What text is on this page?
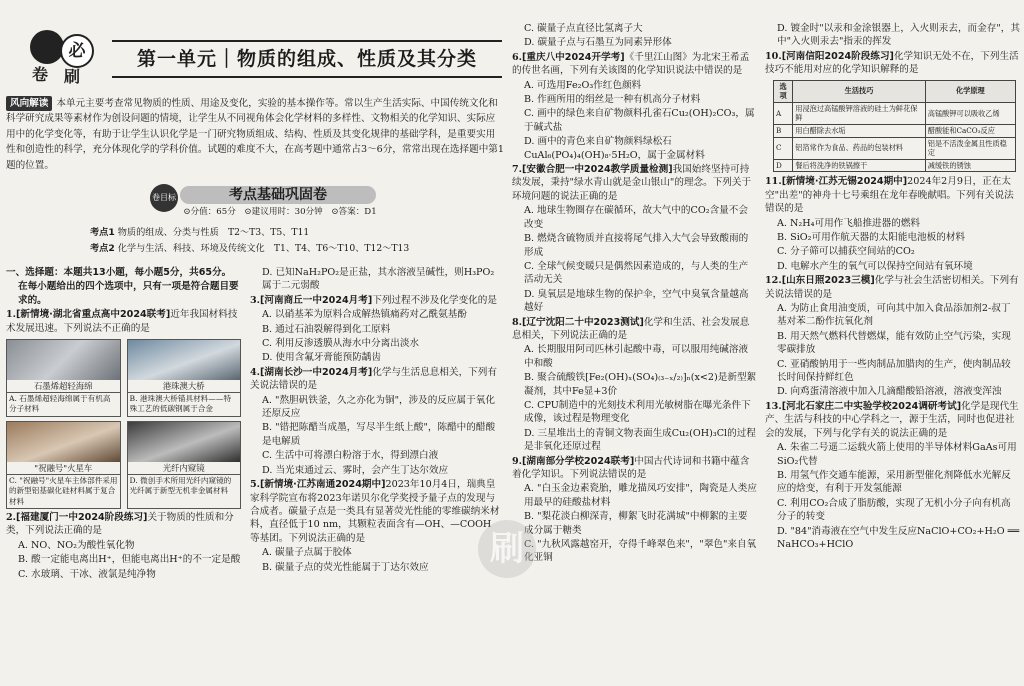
必
卷 刷
第一单元｜物质的组成、性质及其分类
风向解读 本单元主要考查常见物质的性质、用途及变化，实验的基本操作等。常以生产生活实际、中国传统文化和科学研究成果等素材作为创设问题的情境，让学生从不同视角体会化学材料的多样性、文物相关的化学知识、实际应用中的化学变化等，有助于让学生认识化学是一门研究物质组成、结构、性质及其变化规律的基础学科，是重要实用性和创造性的科学，充分体现化学的学科价值。试题的难度不大，在高考题中通常占3～6分，常常出现在选择题中第1题的位置。
卷目标	考点基础巩固卷
⊙分值：65分　⊙建议用时：30分钟　⊙答案：D1
考点1 物质的组成、分类与性质　 T2～T3、T5、T11
考点2 化学与生活、科技、环境及传统文化　 T1、T4、T6～T10、T12～T13

一、选择题：本题共13小题，每小题5分，共65分。

在每小题给出的四个选项中，只有一项是符合题目要求的。

1.[新情境·湖北省重点高中2024联考]近年我国材料技术发展迅速。下列说法不正确的是

石墨烯超轻海绵
A. 石墨烯超轻海绵属于有机高分子材料
港珠澳大桥
B. 港珠澳大桥锚具材料——特殊工艺的低碳钢属于合金
"祝融号"火星车
C. "祝融号"火星车主体部件采用的新型铝基碳化硅材料属于复合材料
光纤内窥镜
D. 微创手术所用光纤内窥镜的光纤属于新型无机非金属材料

2.[福建厦门一中2024阶段练习]关于物质的性质和分类，下列说法正确的是

A. NO、NO₂为酸性氧化物

B. 酸一定能电离出H⁺，但能电离出H⁺的不一定是酸

C. 水玻璃、干冰、液氯是纯净物

D. 已知NaH₂PO₂是正盐，其水溶液呈碱性，则H₃PO₂属于二元弱酸

3.[河南商丘一中2024月考]下列过程不涉及化学变化的是

A. 以硝基苯为原料合成解热镇痛药对乙酰氨基酚

B. 通过石油裂解得到化工原料

C. 利用反渗透膜从海水中分离出淡水

D. 使用含氟牙膏能预防龋齿

4.[湖南长沙一中2024月考]化学与生活息息相关，下列有关说法错误的是

A. "熬胆矾铁釜，久之亦化为铜"，涉及的反应属于氧化还原反应

B. "错把陈醋当成墨，写尽半生纸上酸"，陈醋中的醋酸是电解质

C. 生活中可将漂白粉溶于水，得到漂白液

D. 当光束通过云、雾时，会产生丁达尔效应

5.[新情境·江苏南通2024期中]2023年10月4日，瑞典皇家科学院宣布将2023年诺贝尔化学奖授予量子点的发现与合成者。碳量子点是一类具有显著荧光性能的零维碳纳米材料，直径低于10 nm，其颗粒表面含有—OH、—COOH等基团。下列说法正确的是

A. 碳量子点属于胶体

B. 碳量子点的荧光性能属于丁达尔效应

C. 碳量子点直径比氢离子大

D. 碳量子点与石墨互为同素异形体

6.[重庆八中2024开学考]《千里江山图》为北宋王希孟的传世名画，下列有关该图的化学知识说法中错误的是

A. 可选用Fe₂O₃作红色颜料

B. 作画所用的绢丝是一种有机高分子材料

C. 画中的绿色来自矿物颜料孔雀石Cu₂(OH)₂CO₃，属于碱式盐

D. 画中的青色来自矿物颜料绿松石CuAl₆(PO₄)₄(OH)₈·5H₂O，属于金属材料

7.[安徽合肥一中2024教学质量检测]我国始终坚持可持续发展，秉持"绿水青山就是金山银山"的理念。下列关于环境问题的说法正确的是

A. 地球生物圈存在碳循环，故大气中的CO₂含量不会改变

B. 燃烧含硫物质并直接将尾气排入大气会导致酸雨的形成

C. 全球气候变暖只是偶然因素造成的，与人类的生产活动无关

D. 臭氧层是地球生物的保护伞，空气中臭氧含量越高越好

8.[辽宁沈阳二十中2023测试]化学和生活、社会发展息息相关，下列说法正确的是

A. 长期服用阿司匹林引起酸中毒，可以服用纯碱溶液中和酸

B. 聚合硫酸铁[Fe₂(OH)ₓ(SO₄)₍₃₋ₓ/₂₎]ₙ(x<2)是新型絮凝剂，其中Fe显+3价

C. CPU制造中的光刻技术利用光敏树脂在曝光条件下成像，该过程是物理变化

D. 三星堆出土的青铜文物表面生成Cu₂(OH)₃Cl的过程是非氧化还原过程

9.[湖南部分学校2024联考]中国古代诗词和书籍中蕴含着化学知识。下列说法错误的是

A. "白玉金边素瓷胎，雕龙描凤巧安排"，陶瓷是人类应用最早的硅酸盐材料

B. "梨花淡白柳深青，柳絮飞时花满城"中柳絮的主要成分属于糖类

C. "九秋风露越窑开，夺得千峰翠色来"，"翠色"来自氧化亚铜

D. 镀金时"以汞和金涂银器上，入火则汞去，而金存"，其中"入火则汞去"指汞的挥发

10.[河南信阳2024阶段练习]化学知识无处不在，下列生活技巧不能用对应的化学知识解释的是

选项	生活技巧	化学原理
A	用浸泡过高锰酸钾溶液的硅土为鲜花保鲜	高锰酸钾可以吸收乙烯
B	用白醋除去水垢	醋酸能和CaCO₃反应
C	铝箔常作为食品、药品的包装材料	铝是不活泼金属且性质稳定
D	餐后将洗净的铁锅擦干	减缓铁的锈蚀

11.[新情境·江苏无锡2024期中]2024年2月9日，正在太空"出差"的神舟十七号乘组在龙年春晚献唱。下列有关说法错误的是

A. N₂H₄可用作飞船推进器的燃料

B. SiO₂可用作航天器的太阳能电池板的材料

C. 分子筛可以捕获空间站的CO₂

D. 电解水产生的氧气可以保持空间站有氧环境

12.[山东日照2023三模]化学与社会生活密切相关。下列有关说法错误的是

A. 为防止食用油变质，可向其中加入食品添加剂2-叔丁基对苯二酚作抗氧化剂

B. 用天然气燃料代替燃煤，能有效防止空气污染，实现零碳排放

C. 亚硝酸钠用于一些肉制品加腊肉的生产，使肉制品较长时间保持鲜红色

D. 向鸡蛋清溶液中加入几滴醋酸铅溶液，溶液变浑浊

13.[河北石家庄二中实验学校2024调研考试]化学是现代生产、生活与科技的中心学科之一，源于生活，同时也促进社会的发展，下列与化学有关的说法正确的是

A. 朱雀二号遥二运载火箭上使用的半导体材料GaAs可用SiO₂代替

B. 用氢气作交通车能源，采用新型催化剂降低水光解反应的焓变，有利于开发氢能源

C. 利用CO₂合成了脂肪酸，实现了无机小分子向有机高分子的转变

D. "84"消毒液在空气中发生反应NaClO+CO₂+H₂O ══ NaHCO₃+HClO

刷
